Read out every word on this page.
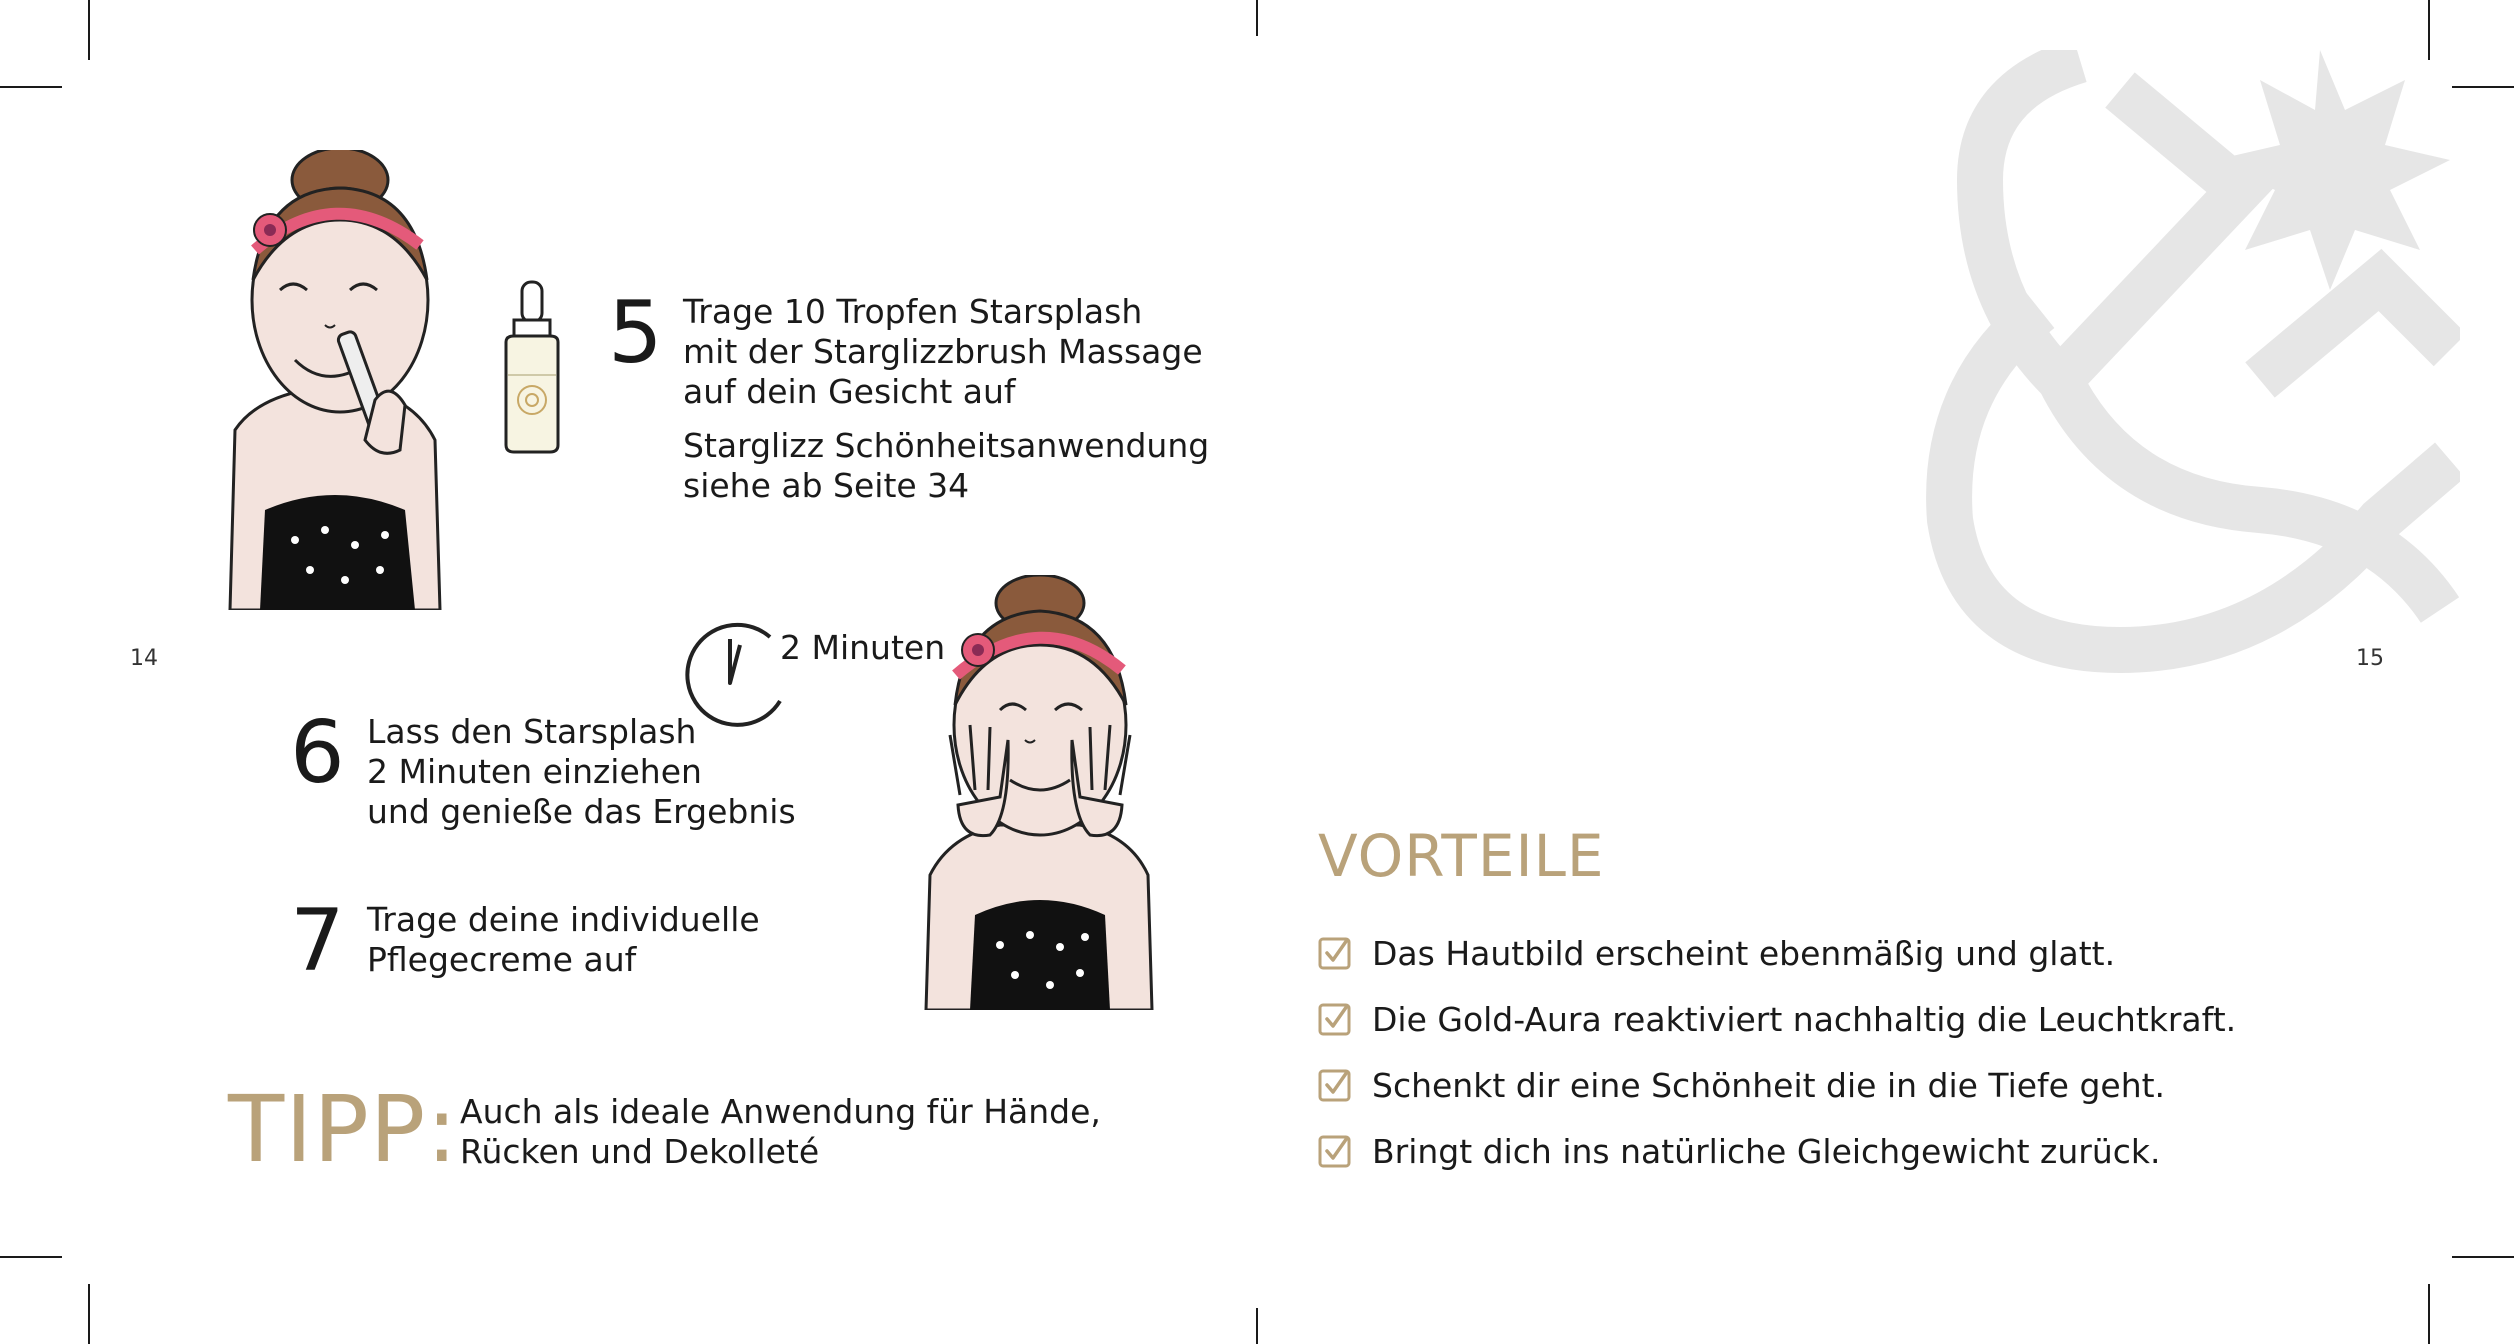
14	15
5 Trage 10 Tropfen Starsplash
mit der Starglizzbrush Massage
auf dein Gesicht auf
Starglizz Schönheitsanwendung
siehe ab Seite 34
2 Minuten
6 Lass den Starsplash
2 Minuten einziehen
und genieße das Ergebnis
7 Trage deine individuelle
Pflegecreme auf
TIPP: Auch als ideale Anwendung für Hände,
Rücken und Dekolleté
VORTEILE
Das Hautbild erscheint ebenmäßig und glatt.
Die Gold-Aura reaktiviert nachhaltig die Leuchtkraft.
Schenkt dir eine Schönheit die in die Tiefe geht.
Bringt dich ins natürliche Gleichgewicht zurück.
